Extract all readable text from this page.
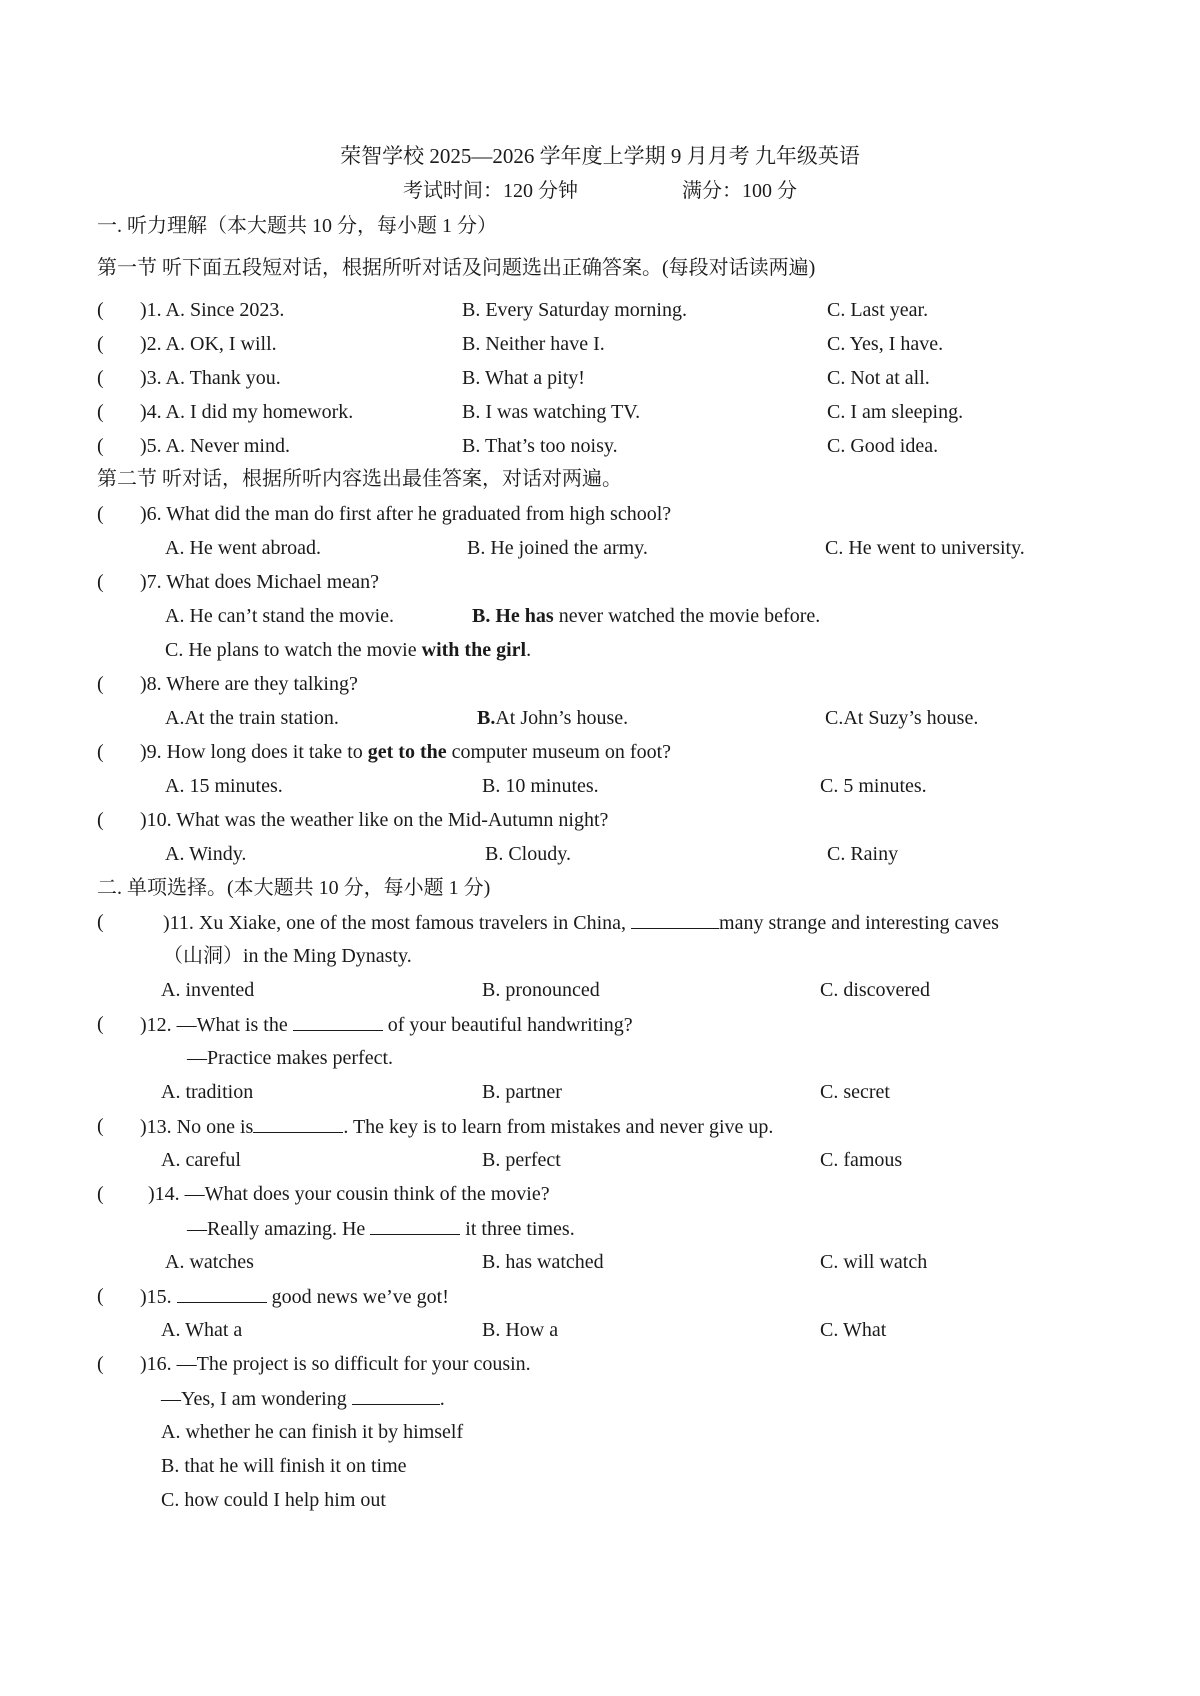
荣智学校 2025—2026 学年度上学期 9 月月考 九年级英语
考试时间：120 分钟	满分：100 分
一. 听力理解（本大题共 10 分，每小题 1 分）
第一节 听下面五段短对话，根据所听对话及问题选出正确答案。(每段对话读两遍)
( )1. A. Since 2023.	B. Every Saturday morning.	C. Last year.
( )2. A. OK, I will.	B. Neither have I.	C. Yes, I have.
( )3. A. Thank you.	B. What a pity!	C. Not at all.
( )4. A. I did my homework.	B. I was watching TV.	C. I am sleeping.
( )5. A. Never mind.	B. That’s too noisy.	C. Good idea.
第二节 听对话，根据所听内容选出最佳答案，对话对两遍。
( )6. What did the man do first after he graduated from high school?
A. He went abroad.	B. He joined the army.	C. He went to university.
( )7. What does Michael mean?
A. He can’t stand the movie.	B. He has never watched the movie before.
C. He plans to watch the movie with the girl.
( )8. Where are they talking?
A.At the train station.	B.At John’s house.	C.At Suzy’s house.
( )9. How long does it take to get to the computer museum on foot?
A. 15 minutes.	B. 10 minutes.	C. 5 minutes.
( )10. What was the weather like on the Mid-Autumn night?
A. Windy.	B. Cloudy.	C. Rainy
二. 单项选择。(本大题共 10 分，每小题 1 分)
(	)11. Xu Xiake, one of the most famous travelers in China,	many strange and interesting caves
（山洞）in the Ming Dynasty.
A. invented	B. pronounced	C. discovered
( )12. —What is the	of your beautiful handwriting?
—Practice makes perfect.
A. tradition	B. partner	C. secret
( )13. No one is	. The key is to learn from mistakes and never give up.
A. careful	B. perfect	C. famous
( )14. —What does your cousin think of the movie?
—Really amazing. He	it three times.
A. watches	B. has watched	C. will watch
( )15.	good news we’ve got!
A. What a	B. How a	C. What
( )16. —The project is so difficult for your cousin.
—Yes, I am wondering	.
A. whether he can finish it by himself
B. that he will finish it on time
C. how could I help him out
